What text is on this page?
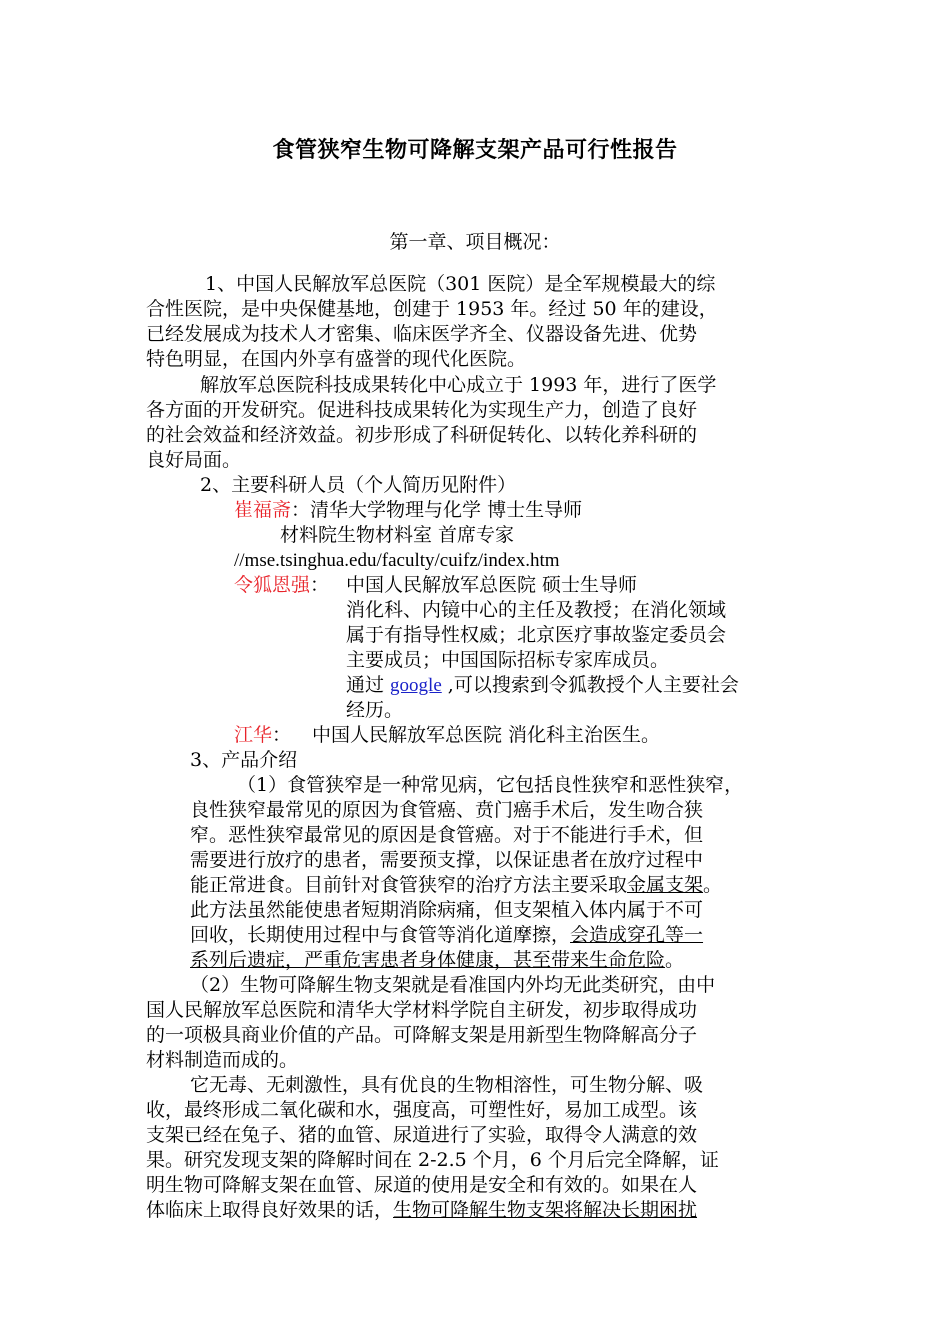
食管狭窄生物可降解支架产品可行性报告
第一章、项目概况：
1、中国人民解放军总医院（301 医院）是全军规模最大的综
合性医院，是中央保健基地，创建于 1953 年。经过 50 年的建设，
已经发展成为技术人才密集、临床医学齐全、仪器设备先进、优势
特色明显，在国内外享有盛誉的现代化医院。
解放军总医院科技成果转化中心成立于 1993 年，进行了医学
各方面的开发研究。促进科技成果转化为实现生产力，创造了良好
的社会效益和经济效益。初步形成了科研促转化、以转化养科研的
良好局面。
2、主要科研人员（个人简历见附件）
崔福斋：清华大学物理与化学 博士生导师
材料院生物材料室 首席专家
//mse.tsinghua.edu/faculty/cuifz/index.htm
令狐恩强： 中国人民解放军总医院 硕士生导师
消化科、内镜中心的主任及教授；在消化领域
属于有指导性权威；北京医疗事故鉴定委员会
主要成员；中国国际招标专家库成员。
通过 google ,可以搜索到令狐教授个人主要社会
经历。
江华： 中国人民解放军总医院 消化科主治医生。
3、产品介绍
（1）食管狭窄是一种常见病，它包括良性狭窄和恶性狭窄，
良性狭窄最常见的原因为食管癌、贲门癌手术后，发生吻合狭
窄。恶性狭窄最常见的原因是食管癌。对于不能进行手术，但
需要进行放疗的患者，需要预支撑，以保证患者在放疗过程中
能正常进食。目前针对食管狭窄的治疗方法主要采取金属支架。
此方法虽然能使患者短期消除病痛，但支架植入体内属于不可
回收，长期使用过程中与食管等消化道摩擦，会造成穿孔等一
系列后遗症，严重危害患者身体健康，甚至带来生命危险。
（2）生物可降解生物支架就是看准国内外均无此类研究，由中
国人民解放军总医院和清华大学材料学院自主研发，初步取得成功
的一项极具商业价值的产品。可降解支架是用新型生物降解高分子
材料制造而成的。
它无毒、无刺激性，具有优良的生物相溶性，可生物分解、吸
收，最终形成二氧化碳和水，强度高，可塑性好，易加工成型。该
支架已经在兔子、猪的血管、尿道进行了实验，取得令人满意的效
果。研究发现支架的降解时间在 2-2.5 个月，6 个月后完全降解，证
明生物可降解支架在血管、尿道的使用是安全和有效的。如果在人
体临床上取得良好效果的话，生物可降解生物支架将解决长期困扰
